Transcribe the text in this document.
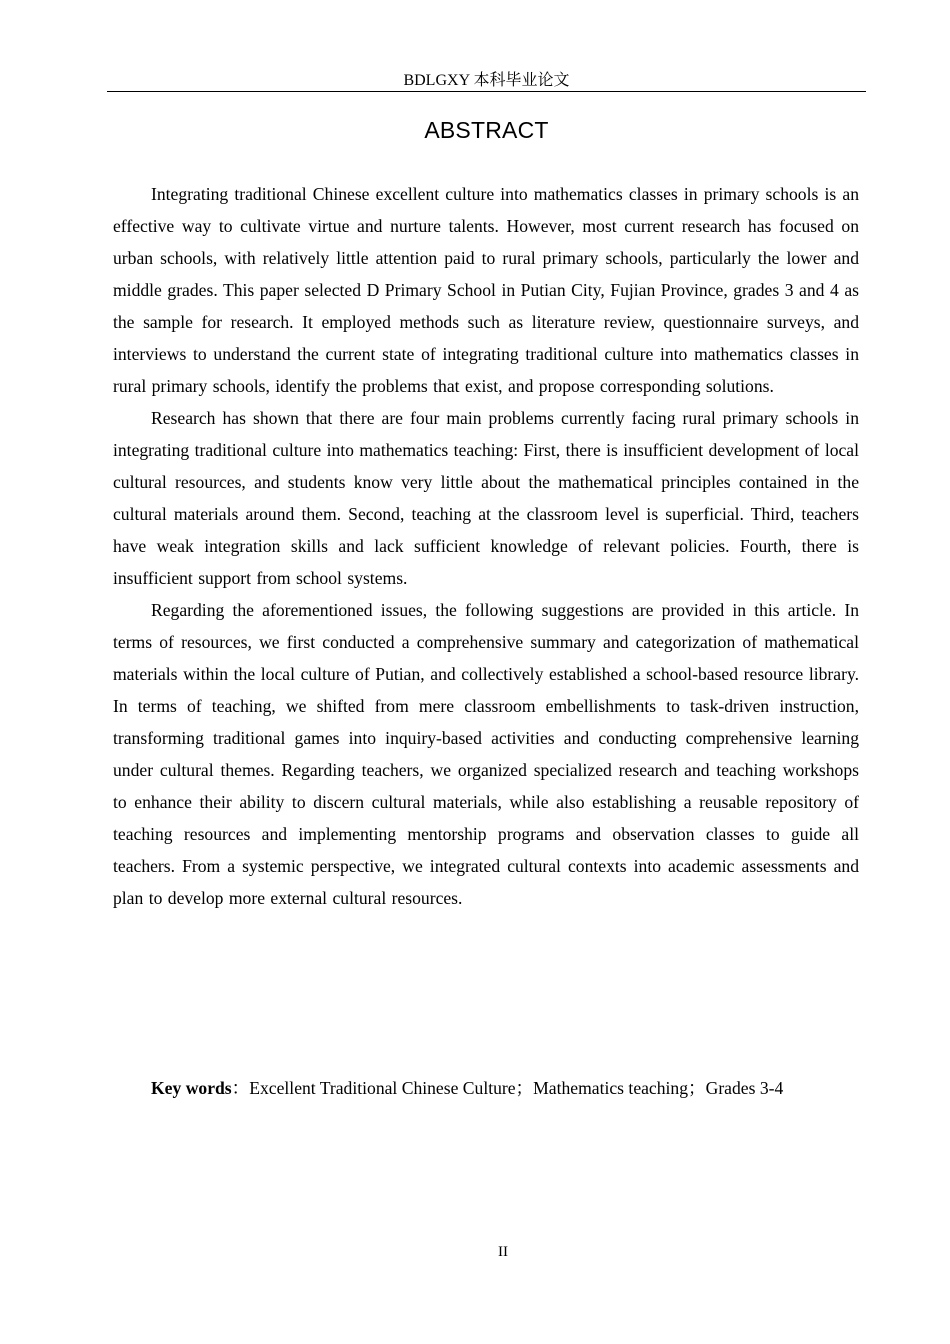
BDLGXY 本科毕业论文
ABSTRACT

Integrating traditional Chinese excellent culture into mathematics classes in primary schools is an effective way to cultivate virtue and nurture talents. However, most current research has focused on urban schools, with relatively little attention paid to rural primary schools, particularly the lower and middle grades. This paper selected D Primary School in Putian City, Fujian Province, grades 3 and 4 as the sample for research. It employed methods such as literature review, questionnaire surveys, and interviews to understand the current state of integrating traditional culture into mathematics classes in rural primary schools, identify the problems that exist, and propose corresponding solutions.

Research has shown that there are four main problems currently facing rural primary schools in integrating traditional culture into mathematics teaching: First, there is insufficient development of local cultural resources, and students know very little about the mathematical principles contained in the cultural materials around them. Second, teaching at the classroom level is superficial. Third, teachers have weak integration skills and lack sufficient knowledge of relevant policies. Fourth, there is insufficient support from school systems.

Regarding the aforementioned issues, the following suggestions are provided in this article. In terms of resources, we first conducted a comprehensive summary and categorization of mathematical materials within the local culture of Putian, and collectively established a school-based resource library. In terms of teaching, we shifted from mere classroom embellishments to task-driven instruction, transforming traditional games into inquiry-based activities and conducting comprehensive learning under cultural themes. Regarding teachers, we organized specialized research and teaching workshops to enhance their ability to discern cultural materials, while also establishing a reusable repository of teaching resources and implementing mentorship programs and observation classes to guide all teachers. From a systemic perspective, we integrated cultural contexts into academic assessments and plan to develop more external cultural resources.

Key words：Excellent Traditional Chinese Culture；Mathematics teaching；Grades 3-4
II
